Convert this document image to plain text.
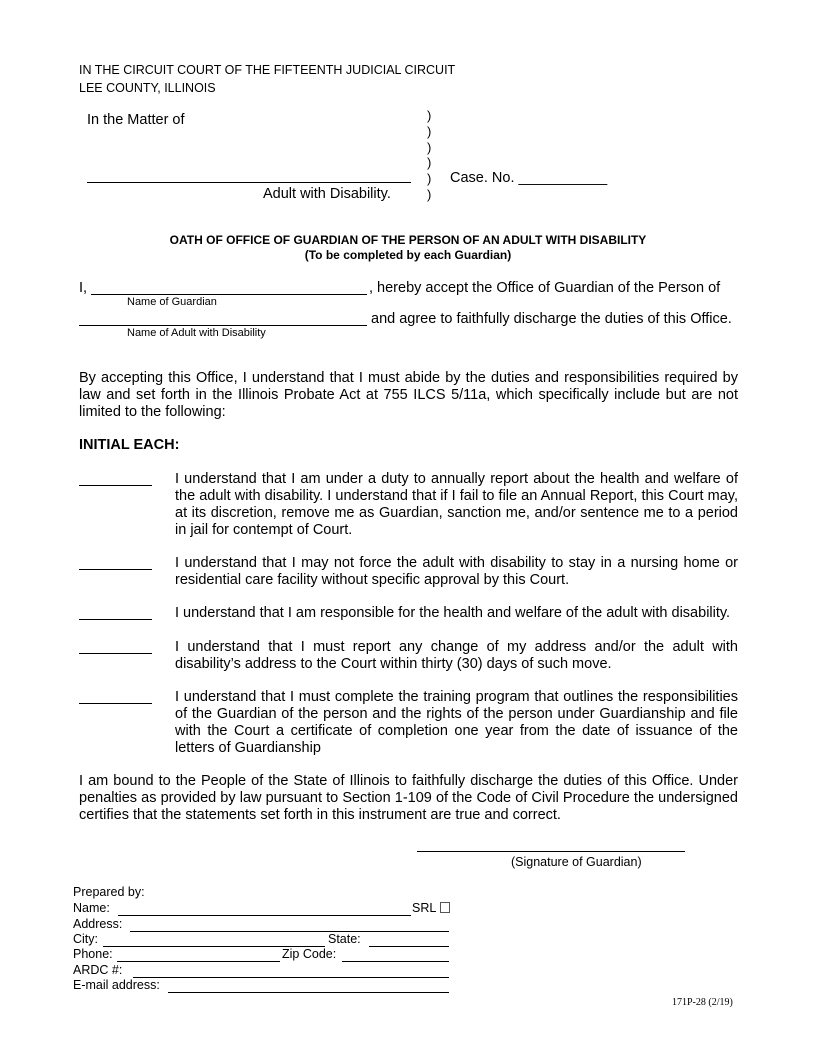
IN THE CIRCUIT COURT OF THE FIFTEENTH JUDICIAL CIRCUIT
LEE COUNTY, ILLINOIS
In the Matter of	)
)
)
)
)
)
Adult with Disability.
Case. No. ___________
OATH OF OFFICE OF GUARDIAN OF THE PERSON OF AN ADULT WITH DISABILITY
(To be completed by each Guardian)
I,	, hereby accept the Office of Guardian of the Person of
Name of Guardian
and agree to faithfully discharge the duties of this Office.
Name of Adult with Disability
By accepting this Office, I understand that I must abide by the duties and responsibilities required by law and set forth in the Illinois Probate Act at 755 ILCS 5/11a, which specifically include but are not limited to the following:
INITIAL EACH:
I understand that I am under a duty to annually report about the health and welfare of the adult with disability. I understand that if I fail to file an Annual Report, this Court may, at its discretion, remove me as Guardian, sanction me, and/or sentence me to a period in jail for contempt of Court.
I understand that I may not force the adult with disability to stay in a nursing home or residential care facility without specific approval by this Court.
I understand that I am responsible for the health and welfare of the adult with disability.
I understand that I must report any change of my address and/or the adult with disability’s address to the Court within thirty (30) days of such move.
I understand that I must complete the training program that outlines the responsibilities of the Guardian of the person and the rights of the person under Guardianship and file with the Court a certificate of completion one year from the date of issuance of the letters of Guardianship
I am bound to the People of the State of Illinois to faithfully discharge the duties of this Office. Under penalties as provided by law pursuant to Section 1-109 of the Code of Civil Procedure the undersigned certifies that the statements set forth in this instrument are true and correct.
(Signature of Guardian)
Prepared by:
Name:	SRL
Address:
City:	State:
Phone:	Zip Code:
ARDC #:
E-mail address:
171P-28 (2/19)
